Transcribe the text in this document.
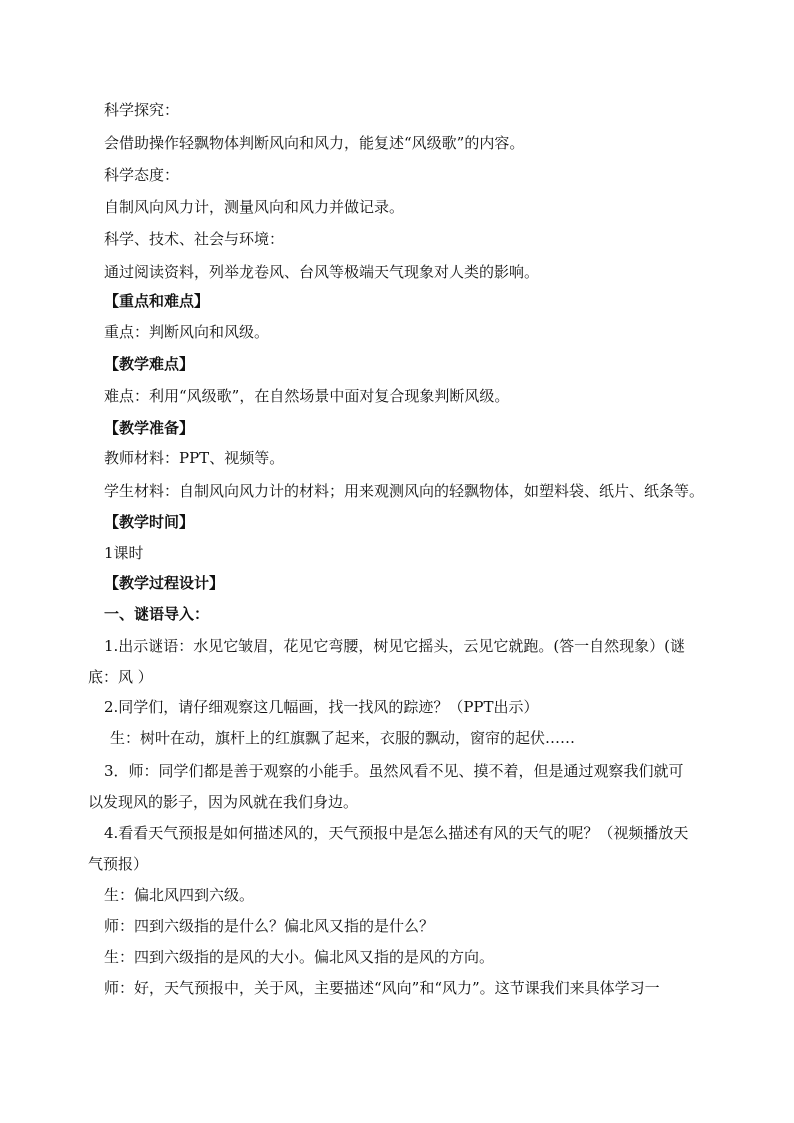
科学探究：
会借助操作轻飘物体判断风向和风力，能复述“风级歌”的内容。
科学态度：
自制风向风力计，测量风向和风力并做记录。
科学、技术、社会与环境：
通过阅读资料，列举龙卷风、台风等极端天气现象对人类的影响。
【重点和难点】
重点：判断风向和风级。
【教学难点】
难点：利用“风级歌”，在自然场景中面对复合现象判断风级。
【教学准备】
教师材料：PPT、视频等。
学生材料：自制风向风力计的材料；用来观测风向的轻飘物体，如塑料袋、纸片、纸条等。
【教学时间】
1课时
【教学过程设计】
一、谜语导入：
1.出示谜语：水见它皱眉，花见它弯腰，树见它摇头，云见它就跑。(答一自然现象）(谜
底：风 ）
2.同学们，请仔细观察这几幅画，找一找风的踪迹？（PPT出示）
生：树叶在动，旗杆上的红旗飘了起来，衣服的飘动，窗帘的起伏……
3．师：同学们都是善于观察的小能手。虽然风看不见、摸不着，但是通过观察我们就可
以发现风的影子，因为风就在我们身边。
4.看看天气预报是如何描述风的，天气预报中是怎么描述有风的天气的呢？（视频播放天
气预报）
生：偏北风四到六级。
师：四到六级指的是什么？偏北风又指的是什么？
生：四到六级指的是风的大小。偏北风又指的是风的方向。
师：好，天气预报中，关于风，主要描述“风向”和“风力”。这节课我们来具体学习一
